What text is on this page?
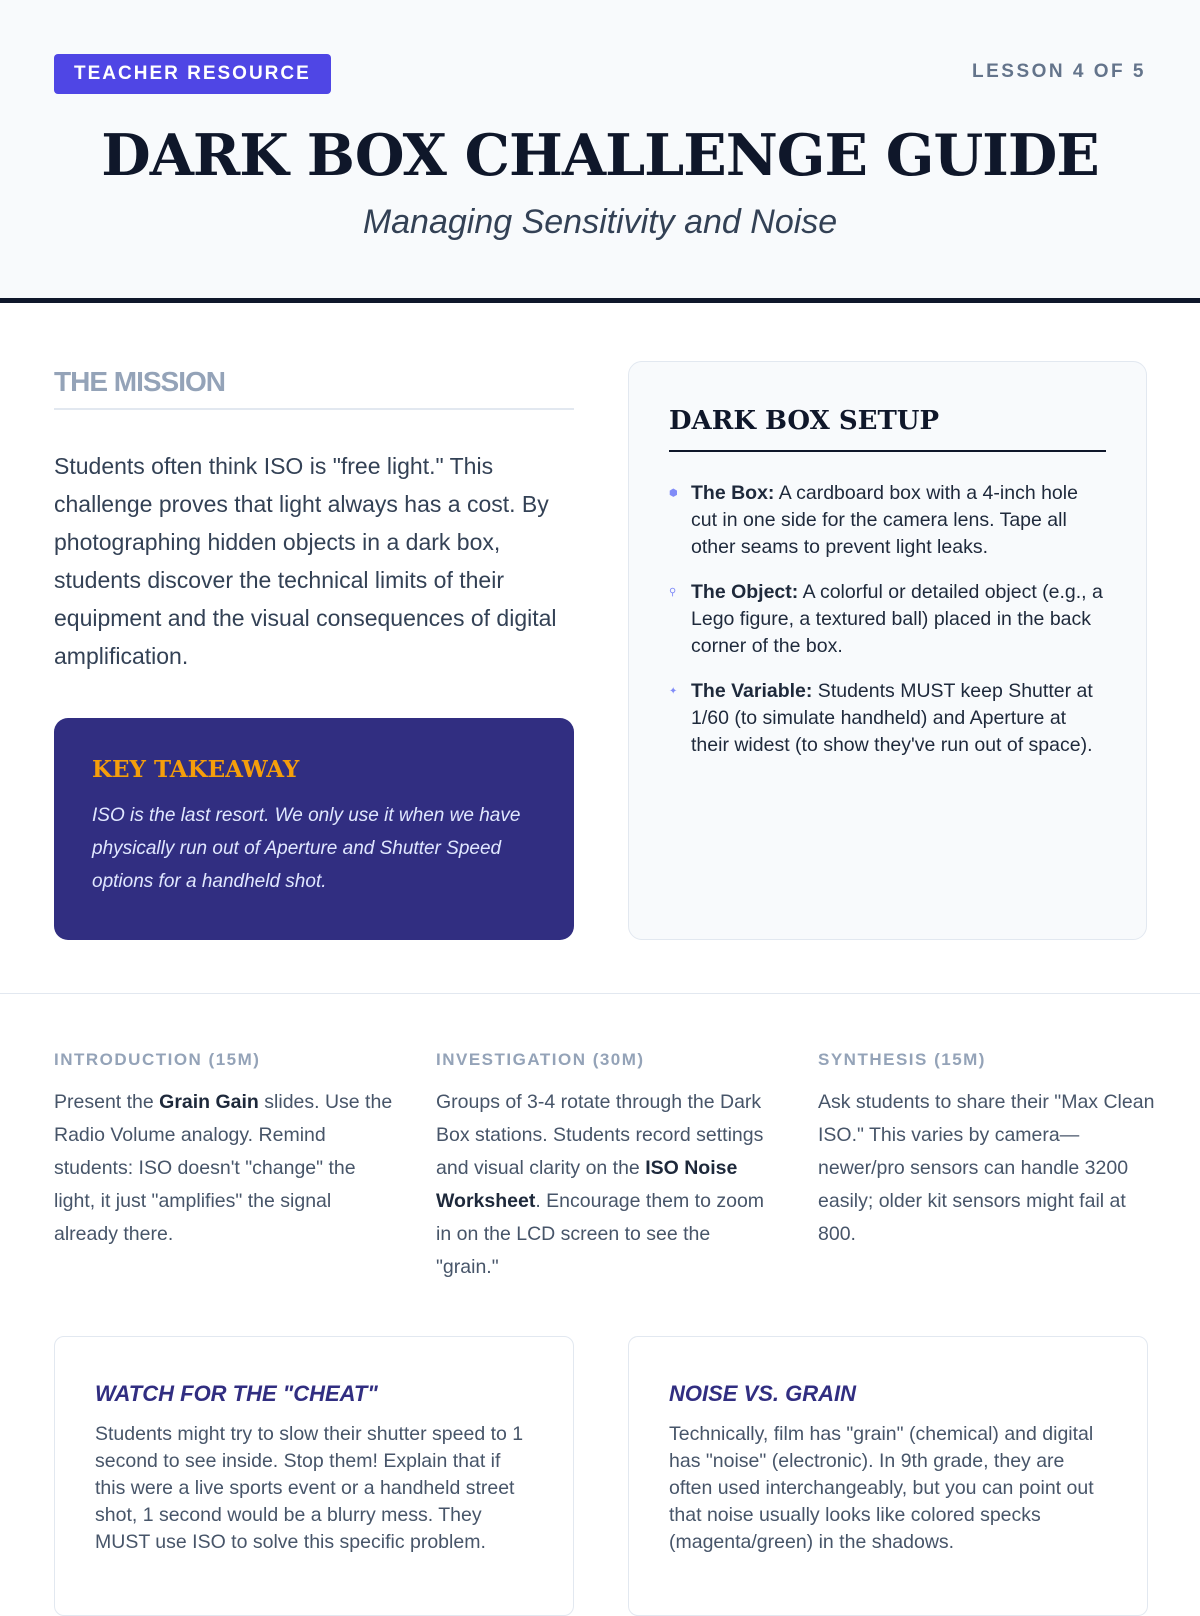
TEACHER RESOURCE	LESSON 4 OF 5
DARK BOX CHALLENGE GUIDE
Managing Sensitivity and Noise
THE MISSION

Students often think ISO is "free light." This challenge proves that light always has a cost. By photographing hidden objects in a dark box, students discover the technical limits of their equipment and the visual consequences of digital amplification.

KEY TAKEAWAY
ISO is the last resort. We only use it when we have physically run out of Aperture and Shutter Speed options for a handheld shot.
DARK BOX SETUP
⬢ The Box: A cardboard box with a 4-inch hole cut in one side for the camera lens. Tape all other seams to prevent light leaks.
⚲ The Object: A colorful or detailed object (e.g., a Lego figure, a textured ball) placed in the back corner of the box.
✦ The Variable: Students MUST keep Shutter at 1/60 (to simulate handheld) and Aperture at their widest (to show they've run out of space).
INTRODUCTION (15M)

Present the Grain Gain slides. Use the Radio Volume analogy. Remind students: ISO doesn't "change" the light, it just "amplifies" the signal already there.

INVESTIGATION (30M)

Groups of 3-4 rotate through the Dark Box stations. Students record settings and visual clarity on the ISO Noise Worksheet. Encourage them to zoom in on the LCD screen to see the "grain."

SYNTHESIS (15M)

Ask students to share their "Max Clean ISO." This varies by camera—newer/pro sensors can handle 3200 easily; older kit sensors might fail at 800.

WATCH FOR THE "CHEAT"

Students might try to slow their shutter speed to 1 second to see inside. Stop them! Explain that if this were a live sports event or a handheld street shot, 1 second would be a blurry mess. They MUST use ISO to solve this specific problem.

NOISE VS. GRAIN

Technically, film has "grain" (chemical) and digital has "noise" (electronic). In 9th grade, they are often used interchangeably, but you can point out that noise usually looks like colored specks (magenta/green) in the shadows.
